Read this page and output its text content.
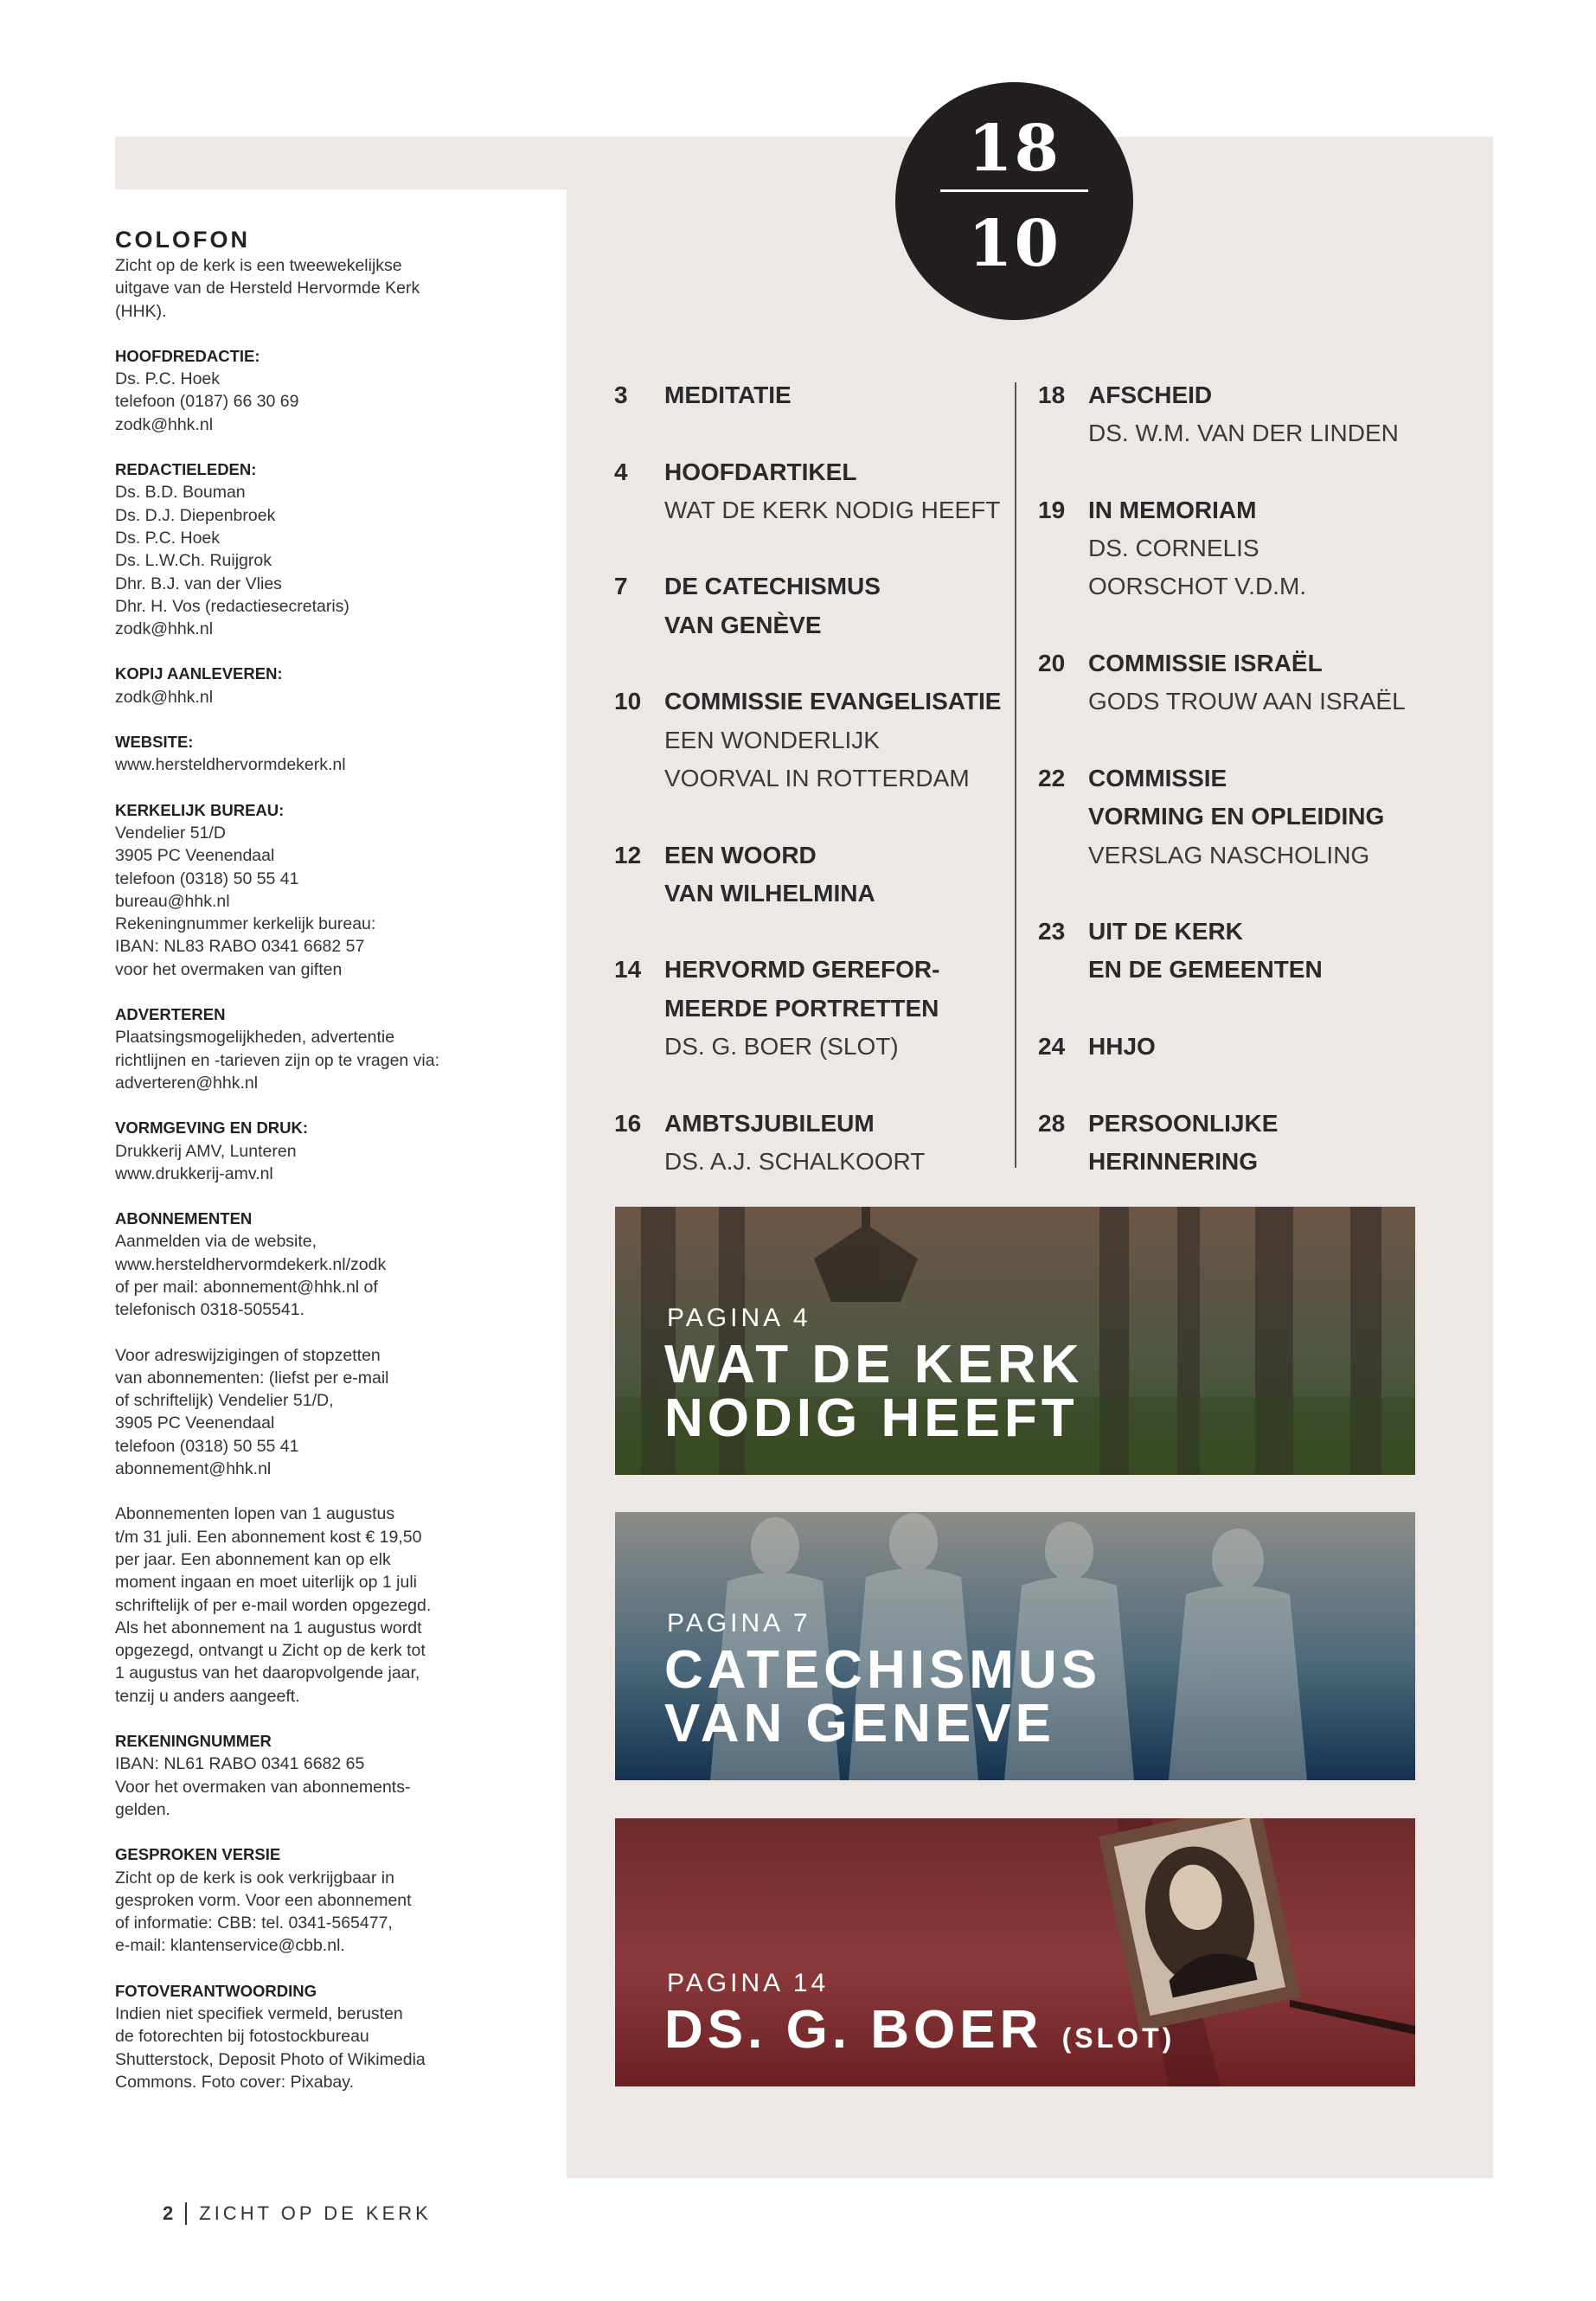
18
10
COLOFON
Zicht op de kerk is een tweewekelijkse
uitgave van de Hersteld Hervormde Kerk
(HHK).
HOOFDREDACTIE:
Ds. P.C. Hoek
telefoon (0187) 66 30 69
zodk@hhk.nl
REDACTIELEDEN:
Ds. B.D. Bouman
Ds. D.J. Diepenbroek
Ds. P.C. Hoek
Ds. L.W.Ch. Ruijgrok
Dhr. B.J. van der Vlies
Dhr. H. Vos (redactiesecretaris)
zodk@hhk.nl
KOPIJ AANLEVEREN:
zodk@hhk.nl
WEBSITE:
www.hersteldhervormdekerk.nl
KERKELIJK BUREAU:
Vendelier 51/D
3905 PC Veenendaal
telefoon (0318) 50 55 41
bureau@hhk.nl
Rekeningnummer kerkelijk bureau:
IBAN: NL83 RABO 0341 6682 57
voor het overmaken van giften
ADVERTEREN
Plaatsingsmogelijkheden, advertentie
richtlijnen en -tarieven zijn op te vragen via:
adverteren@hhk.nl
VORMGEVING EN DRUK:
Drukkerij AMV, Lunteren
www.drukkerij-amv.nl
ABONNEMENTEN
Aanmelden via de website,
www.hersteldhervormdekerk.nl/zodk
of per mail: abonnement@hhk.nl of
telefonisch 0318-505541.
Voor adreswijzigingen of stopzetten
van abonnementen: (liefst per e-mail
of schriftelijk) Vendelier 51/D,
3905 PC Veenendaal
telefoon (0318) 50 55 41
abonnement@hhk.nl
Abonnementen lopen van 1 augustus
t/m 31 juli. Een abonnement kost € 19,50
per jaar. Een abonnement kan op elk
moment ingaan en moet uiterlijk op 1 juli
schriftelijk of per e-mail worden opgezegd.
Als het abonnement na 1 augustus wordt
opgezegd, ontvangt u Zicht op de kerk tot
1 augustus van het daaropvolgende jaar,
tenzij u anders aangeeft.
REKENINGNUMMER
IBAN: NL61 RABO 0341 6682 65
Voor het overmaken van abonnements-
gelden.
GESPROKEN VERSIE
Zicht op de kerk is ook verkrijgbaar in
gesproken vorm. Voor een abonnement
of informatie: CBB: tel. 0341-565477,
e-mail: klantenservice@cbb.nl.
FOTOVERANTWOORDING
Indien niet specifiek vermeld, berusten
de fotorechten bij fotostockbureau
Shutterstock, Deposit Photo of Wikimedia
Commons. Foto cover: Pixabay.
3	MEDITATIE
4	HOOFDARTIKEL
WAT DE KERK NODIG HEEFT
7	DE CATECHISMUS
VAN GENÈVE
10 COMMISSIE EVANGELISATIE
EEN WONDERLIJK
VOORVAL IN ROTTERDAM
12 EEN WOORD
VAN WILHELMINA
14 HERVORMD GEREFOR-
MEERDE PORTRETTEN
DS. G. BOER (SLOT)
16 AMBTSJUBILEUM
DS. A.J. SCHALKOORT
18 AFSCHEID
DS. W.M. VAN DER LINDEN
19 IN MEMORIAM
DS. CORNELIS
OORSCHOT V.D.M.
20 COMMISSIE ISRAËL
GODS TROUW AAN ISRAËL
22 COMMISSIE
VORMING EN OPLEIDING
VERSLAG NASCHOLING
23 UIT DE KERK
EN DE GEMEENTEN
24 HHJO
28 PERSOONLIJKE
HERINNERING
PAGINA 4
WAT DE KERK
NODIG HEEFT
PAGINA 7
CATECHISMUS
VAN GENEVE
PAGINA 14
DS. G. BOER (SLOT)
2 ZICHT OP DE KERK
